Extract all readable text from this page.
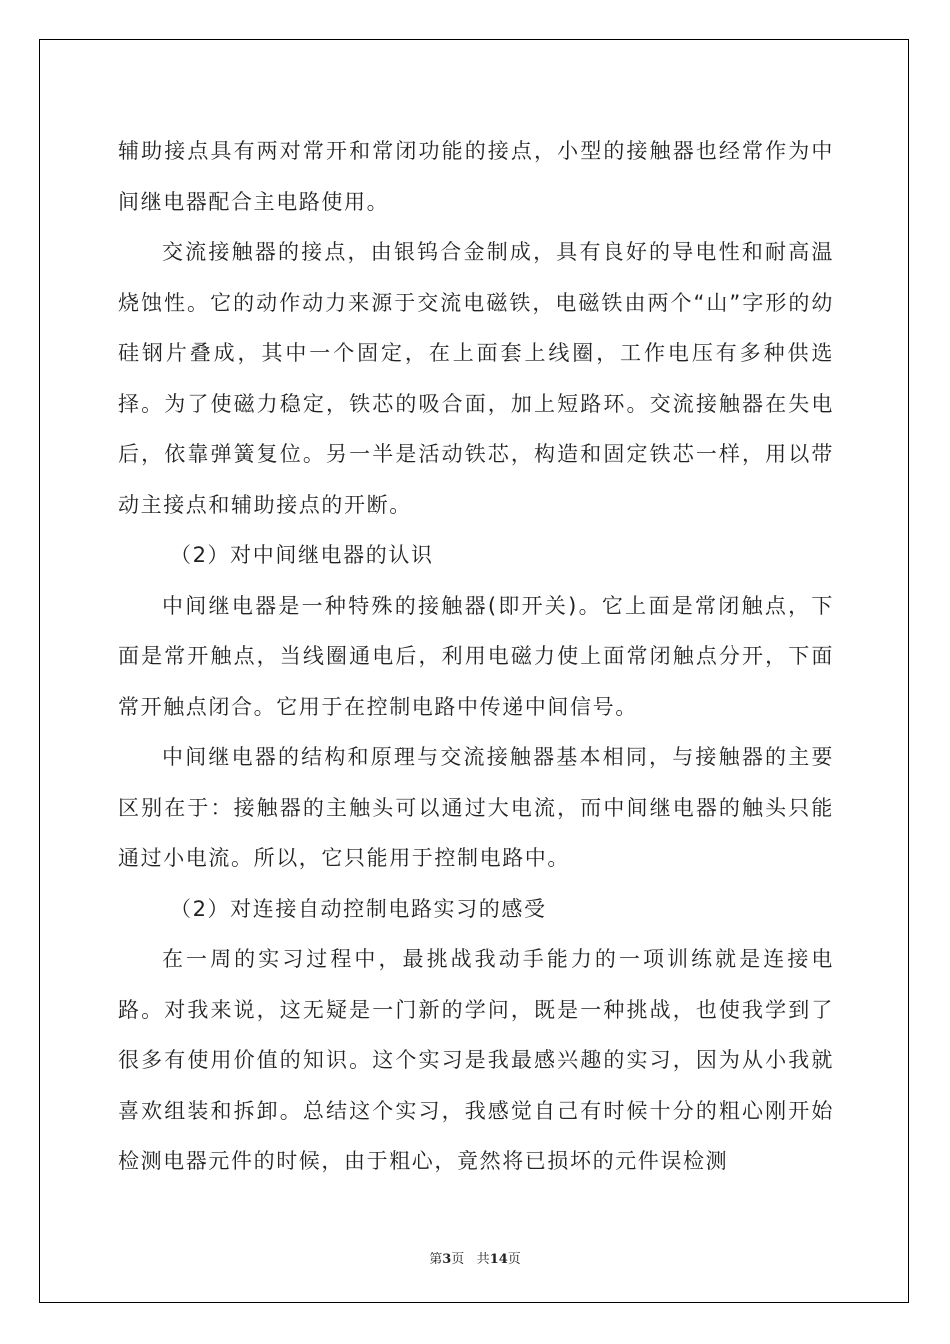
辅助接点具有两对常开和常闭功能的接点，小型的接触器也经常作为中间继电器配合主电路使用。

交流接触器的接点，由银钨合金制成，具有良好的导电性和耐高温烧蚀性。它的动作动力来源于交流电磁铁，电磁铁由两个“山”字形的幼硅钢片叠成，其中一个固定，在上面套上线圈，工作电压有多种供选择。为了使磁力稳定，铁芯的吸合面，加上短路环。交流接触器在失电后，依靠弹簧复位。另一半是活动铁芯，构造和固定铁芯一样，用以带动主接点和辅助接点的开断。

（2）对中间继电器的认识

中间继电器是一种特殊的接触器(即开关)。它上面是常闭触点，下面是常开触点，当线圈通电后，利用电磁力使上面常闭触点分开，下面常开触点闭合。它用于在控制电路中传递中间信号。

中间继电器的结构和原理与交流接触器基本相同，与接触器的主要区别在于：接触器的主触头可以通过大电流，而中间继电器的触头只能通过小电流。所以，它只能用于控制电路中。

（2）对连接自动控制电路实习的感受

在一周的实习过程中，最挑战我动手能力的一项训练就是连接电路。对我来说，这无疑是一门新的学问，既是一种挑战，也使我学到了很多有使用价值的知识。这个实习是我最感兴趣的实习，因为从小我就喜欢组装和拆卸。总结这个实习，我感觉自己有时候十分的粗心刚开始检测电器元件的时候，由于粗心，竟然将已损坏的元件误检测

第3页 共14页
